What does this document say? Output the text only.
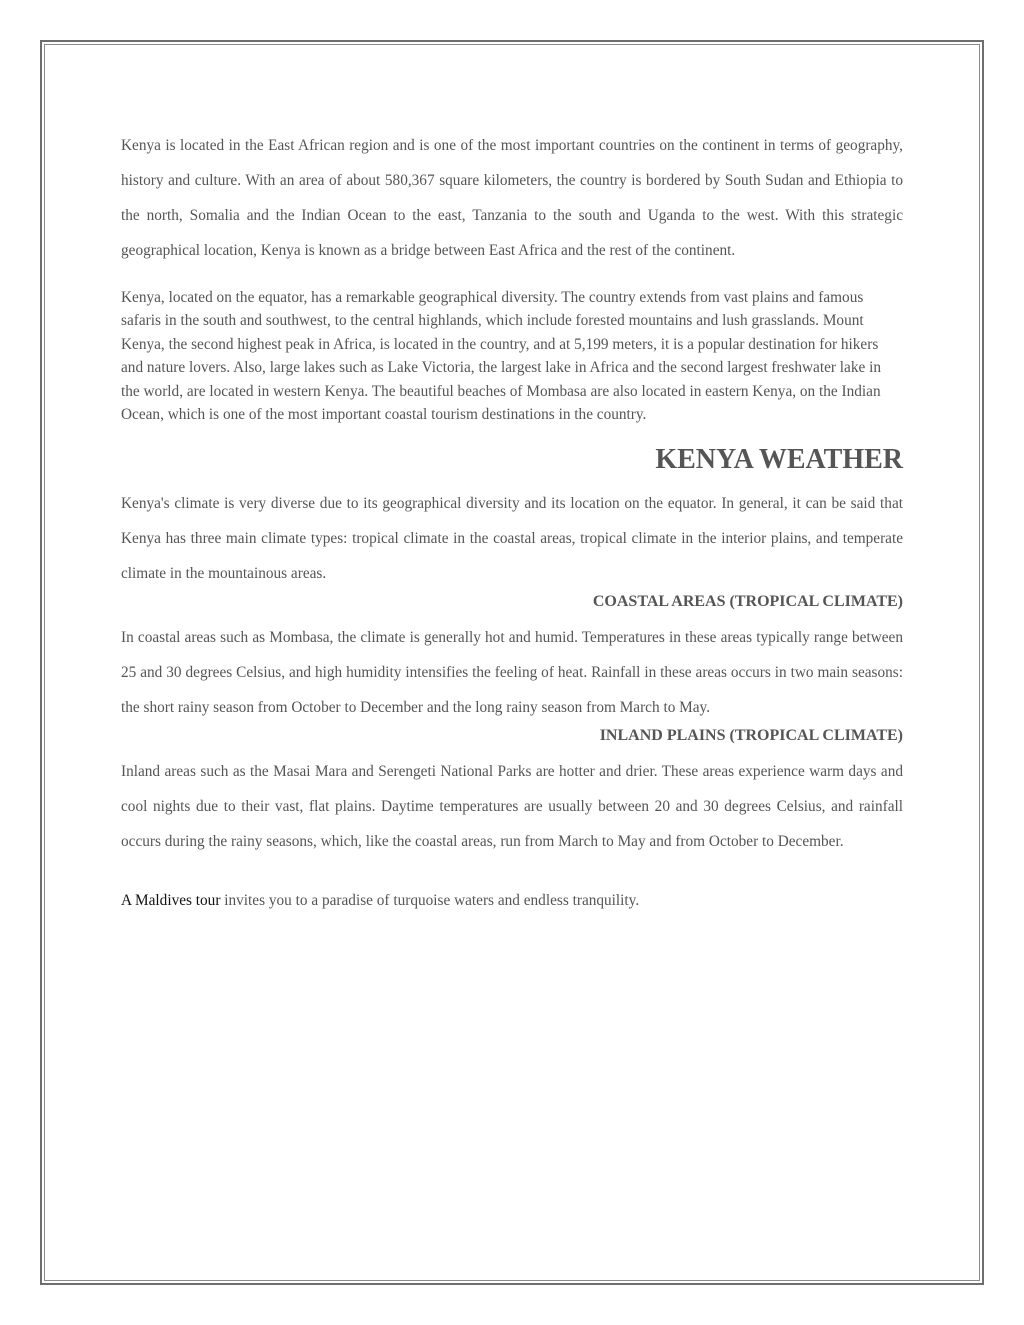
Kenya is located in the East African region and is one of the most important countries on the continent in terms of geography, history and culture. With an area of about 580,367 square kilometers, the country is bordered by South Sudan and Ethiopia to the north, Somalia and the Indian Ocean to the east, Tanzania to the south and Uganda to the west. With this strategic geographical location, Kenya is known as a bridge between East Africa and the rest of the continent.

Kenya, located on the equator, has a remarkable geographical diversity. The country extends from vast plains and famous safaris in the south and southwest, to the central highlands, which include forested mountains and lush grasslands. Mount Kenya, the second highest peak in Africa, is located in the country, and at 5,199 meters, it is a popular destination for hikers and nature lovers. Also, large lakes such as Lake Victoria, the largest lake in Africa and the second largest freshwater lake in the world, are located in western Kenya. The beautiful beaches of Mombasa are also located in eastern Kenya, on the Indian Ocean, which is one of the most important coastal tourism destinations in the country.

KENYA WEATHER

Kenya's climate is very diverse due to its geographical diversity and its location on the equator. In general, it can be said that Kenya has three main climate types: tropical climate in the coastal areas, tropical climate in the interior plains, and temperate climate in the mountainous areas.

COASTAL AREAS (TROPICAL CLIMATE)

In coastal areas such as Mombasa, the climate is generally hot and humid. Temperatures in these areas typically range between 25 and 30 degrees Celsius, and high humidity intensifies the feeling of heat. Rainfall in these areas occurs in two main seasons: the short rainy season from October to December and the long rainy season from March to May.

INLAND PLAINS (TROPICAL CLIMATE)

Inland areas such as the Masai Mara and Serengeti National Parks are hotter and drier. These areas experience warm days and cool nights due to their vast, flat plains. Daytime temperatures are usually between 20 and 30 degrees Celsius, and rainfall occurs during the rainy seasons, which, like the coastal areas, run from March to May and from October to December.

A Maldives tour invites you to a paradise of turquoise waters and endless tranquility.
